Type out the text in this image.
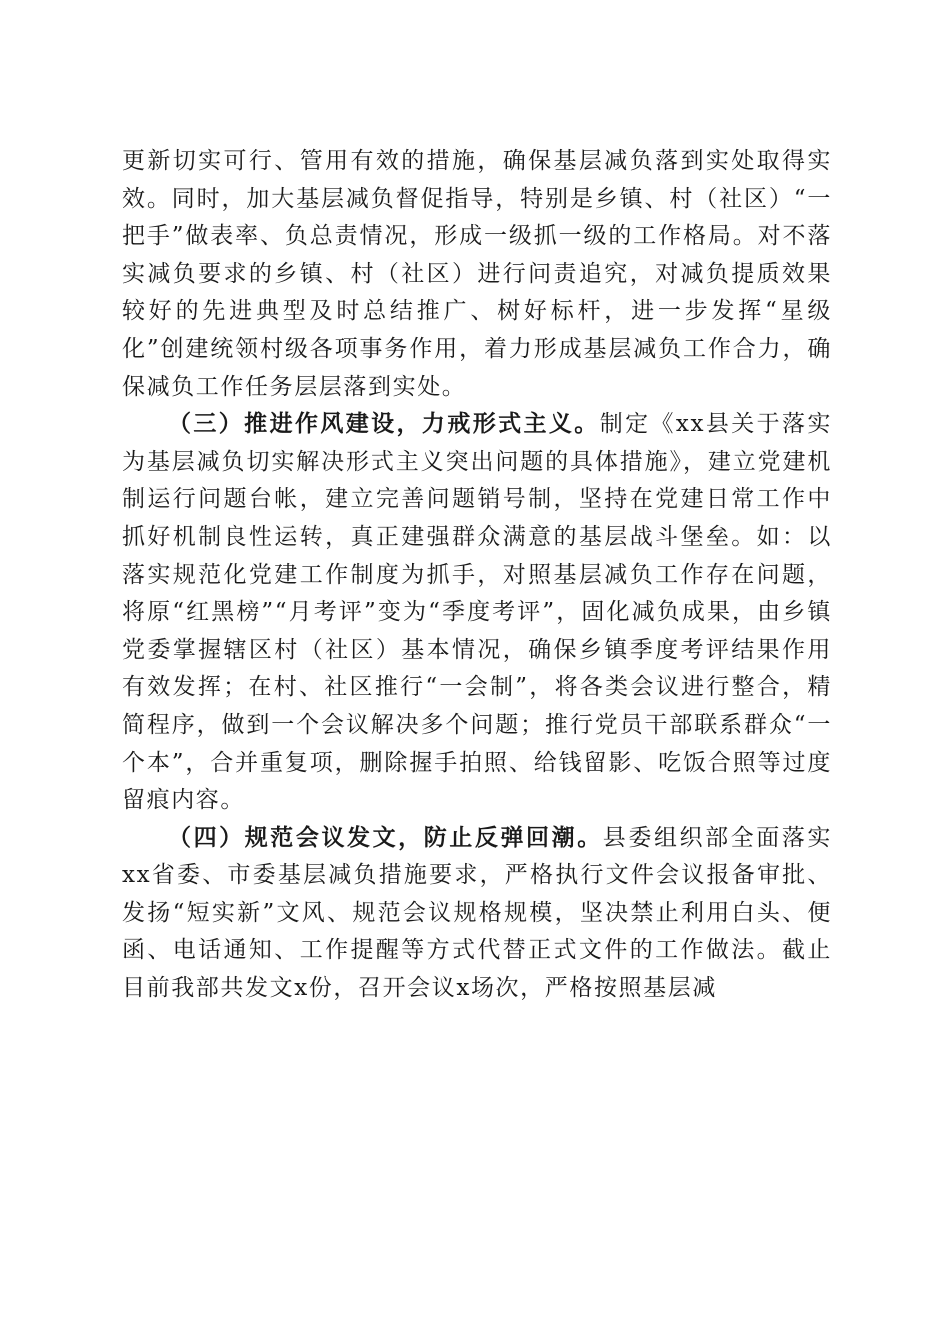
更新切实可行、管用有效的措施，确保基层减负落到实处取得实效。同时，加大基层减负督促指导，特别是乡镇、村（社区）“一把手”做表率、负总责情况，形成一级抓一级的工作格局。对不落实减负要求的乡镇、村（社区）进行问责追究，对减负提质效果较好的先进典型及时总结推广、树好标杆，进一步发挥“星级化”创建统领村级各项事务作用，着力形成基层减负工作合力，确保减负工作任务层层落到实处。

（三）推进作风建设，力戒形式主义。制定《xx县关于落实为基层减负切实解决形式主义突出问题的具体措施》，建立党建机制运行问题台帐，建立完善问题销号制，坚持在党建日常工作中抓好机制良性运转，真正建强群众满意的基层战斗堡垒。如：以落实规范化党建工作制度为抓手，对照基层减负工作存在问题，将原“红黑榜”“月考评”变为“季度考评”，固化减负成果，由乡镇党委掌握辖区村（社区）基本情况，确保乡镇季度考评结果作用有效发挥；在村、社区推行“一会制”，将各类会议进行整合，精简程序，做到一个会议解决多个问题；推行党员干部联系群众“一个本”，合并重复项，删除握手拍照、给钱留影、吃饭合照等过度留痕内容。

（四）规范会议发文，防止反弹回潮。县委组织部全面落实xx省委、市委基层减负措施要求，严格执行文件会议报备审批、发扬“短实新”文风、规范会议规格规模，坚决禁止利用白头、便函、电话通知、工作提醒等方式代替正式文件的工作做法。截止目前我部共发文x份，召开会议x场次，严格按照基层减
